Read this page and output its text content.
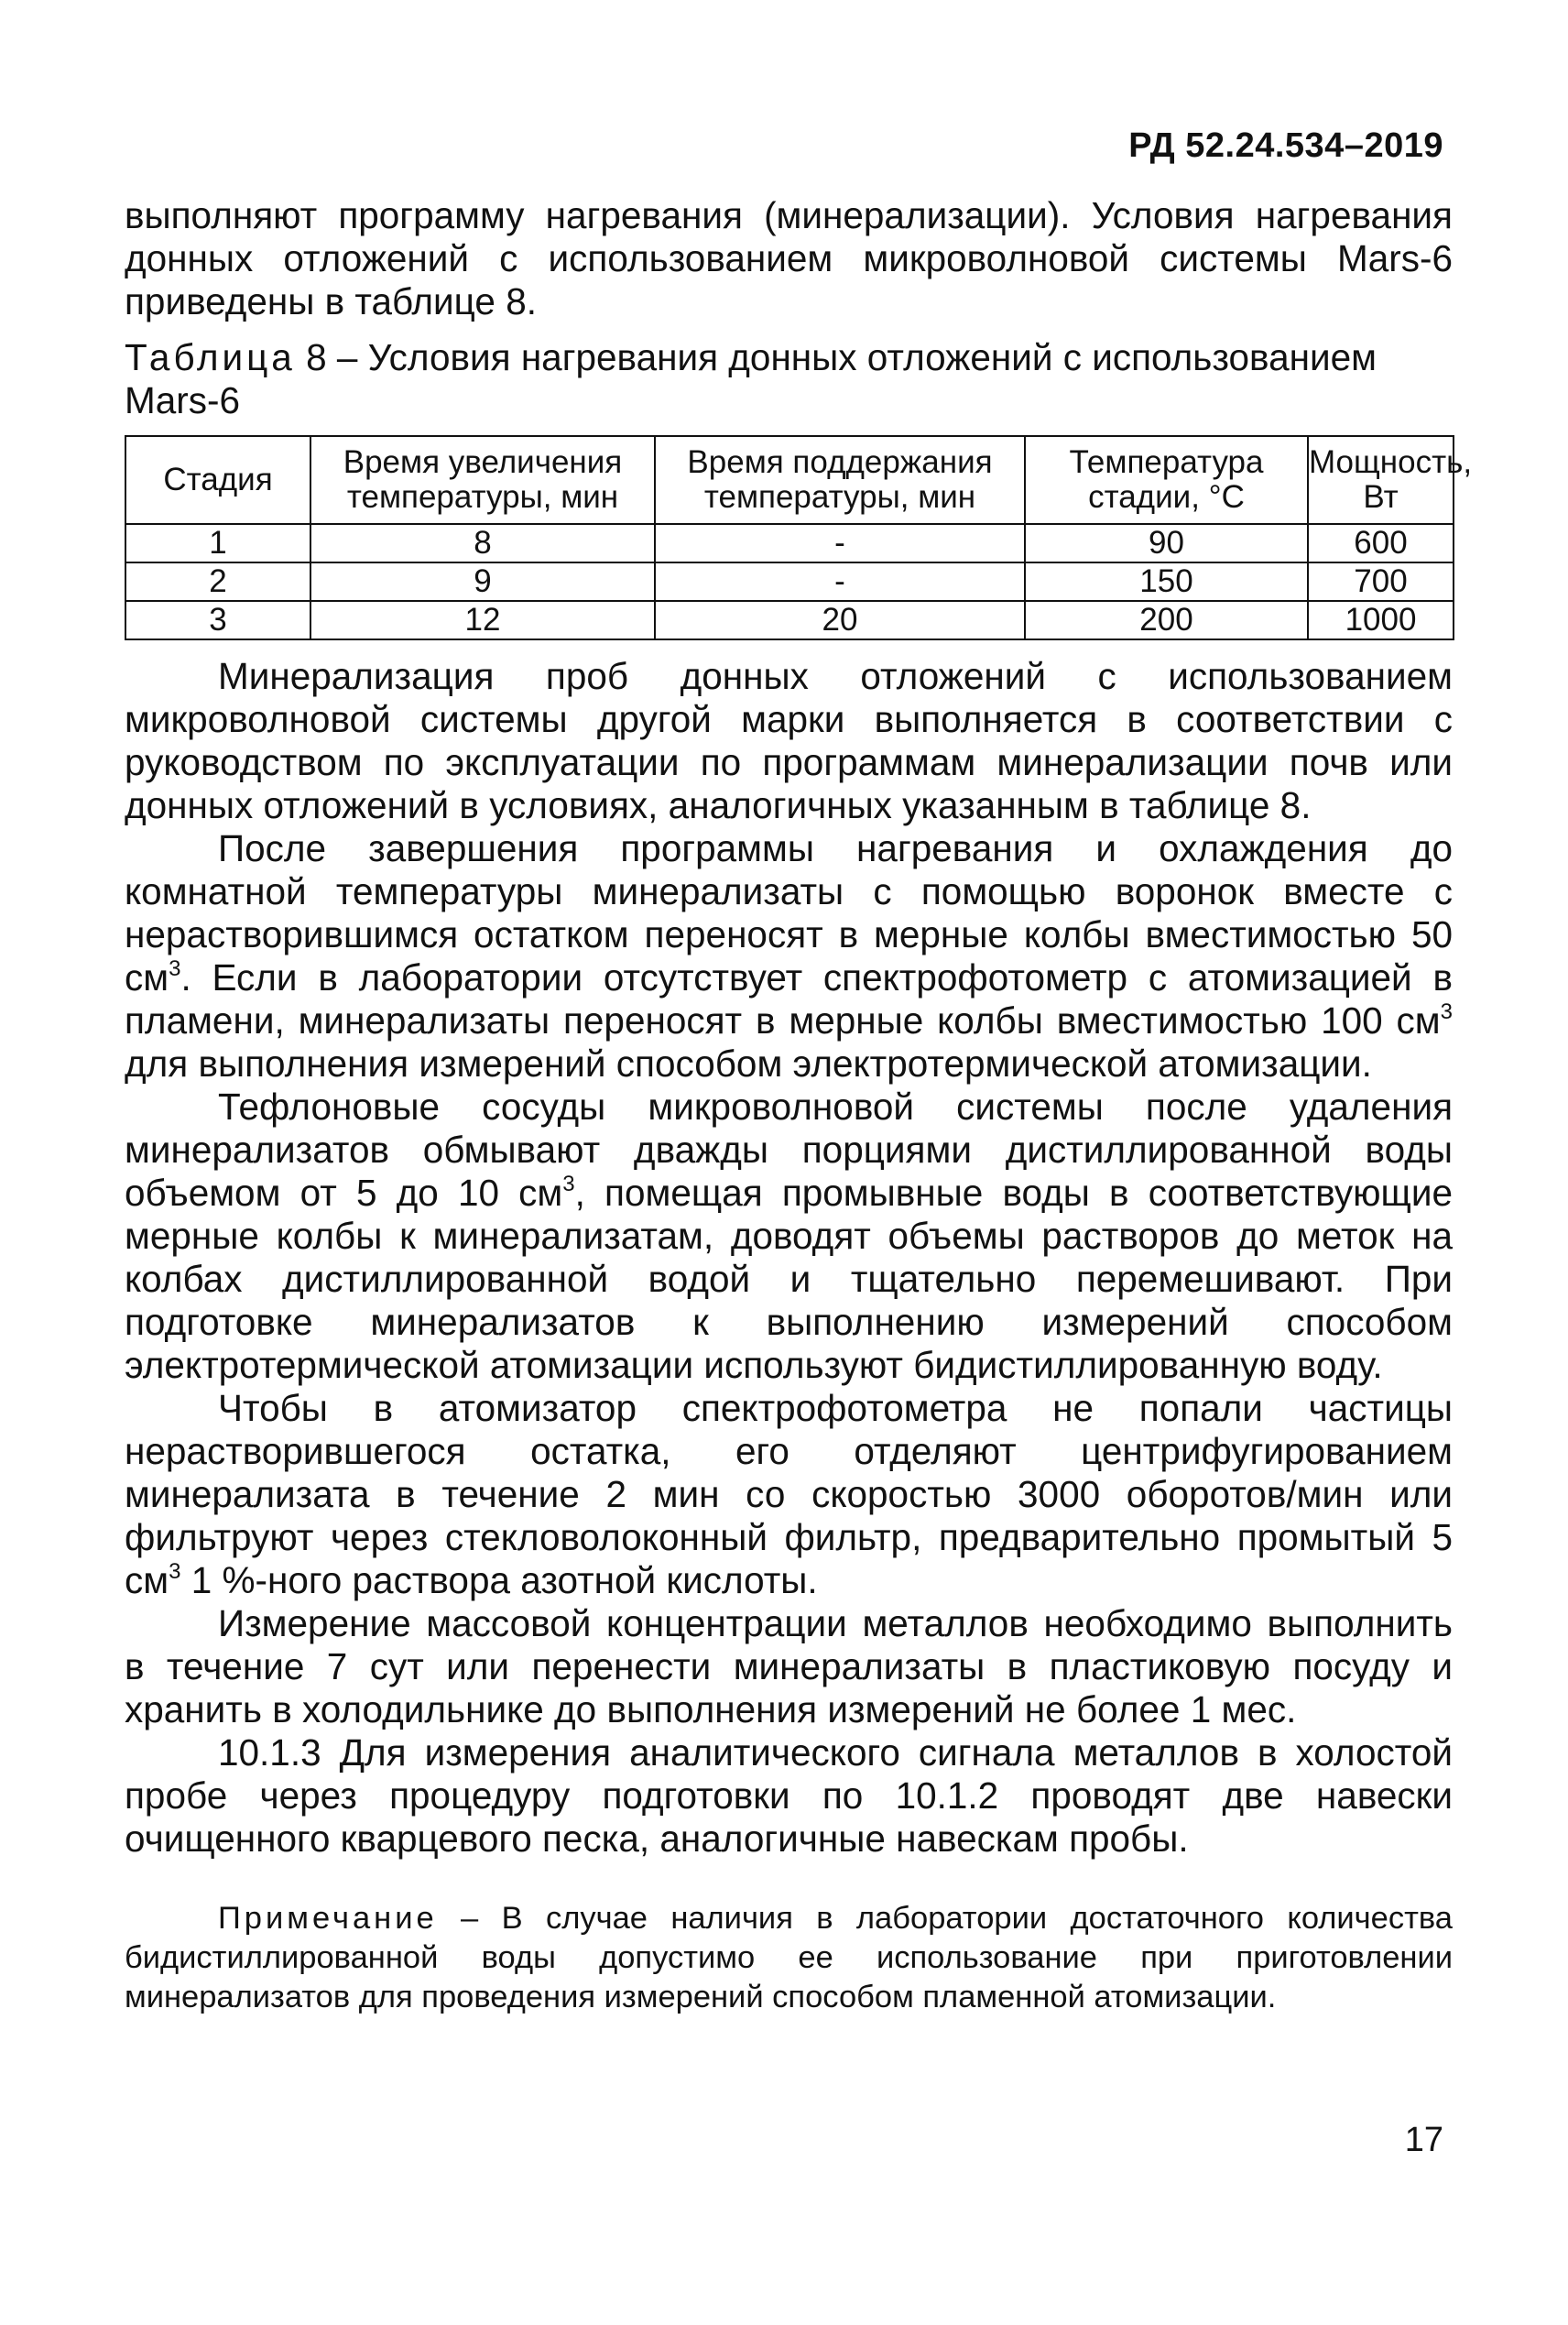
РД 52.24.534–2019

выполняют программу нагревания (минерализации). Условия нагревания донных отложений с использованием микроволновой системы Mars-6 приведены в таблице 8.

Таблица 8 – Условия нагревания донных отложений с использованием Mars-6

Стадия	Время увеличения температуры, мин	Время поддержания температуры, мин	Температура стадии, °С	Мощность, Вт
1	8	-	90	600
2	9	-	150	700
3	12	20	200	1000

Минерализация проб донных отложений с использованием микроволновой системы другой марки выполняется в соответствии с руководством по эксплуатации по программам минерализации почв или донных отложений в условиях, аналогичных указанным в таблице 8.

После завершения программы нагревания и охлаждения до комнатной температуры минерализаты с помощью воронок вместе с нерастворившимся остатком переносят в мерные колбы вместимостью 50 $см^3$. Если в лаборатории отсутствует спектрофотометр с атомизацией в пламени, минерализаты переносят в мерные колбы вместимостью 100 $см^3$ для выполнения измерений способом электротермической атомизации.

Тефлоновые сосуды микроволновой системы после удаления минерализатов обмывают дважды порциями дистиллированной воды объемом от 5 до 10 $см^3$, помещая промывные воды в соответствующие мерные колбы к минерализатам, доводят объемы растворов до меток на колбах дистиллированной водой и тщательно перемешивают. При подготовке минерализатов к выполнению измерений способом электротермической атомизации используют бидистиллированную воду.

Чтобы в атомизатор спектрофотометра не попали частицы нерастворившегося остатка, его отделяют центрифугированием минерализата в течение 2 мин со скоростью 3000 оборотов/мин или фильтруют через стекловолоконный фильтр, предварительно промытый 5 $см^3$ 1 %-ного раствора азотной кислоты.

Измерение массовой концентрации металлов необходимо выполнить в течение 7 сут или перенести минерализаты в пластиковую посуду и хранить в холодильнике до выполнения измерений не более 1 мес.

10.1.3 Для измерения аналитического сигнала металлов в холостой пробе через процедуру подготовки по 10.1.2 проводят две навески очищенного кварцевого песка, аналогичные навескам пробы.

Примечание – В случае наличия в лаборатории достаточного количества бидистиллированной воды допустимо ее использование при приготовлении минерализатов для проведения измерений способом пламенной атомизации.

17
